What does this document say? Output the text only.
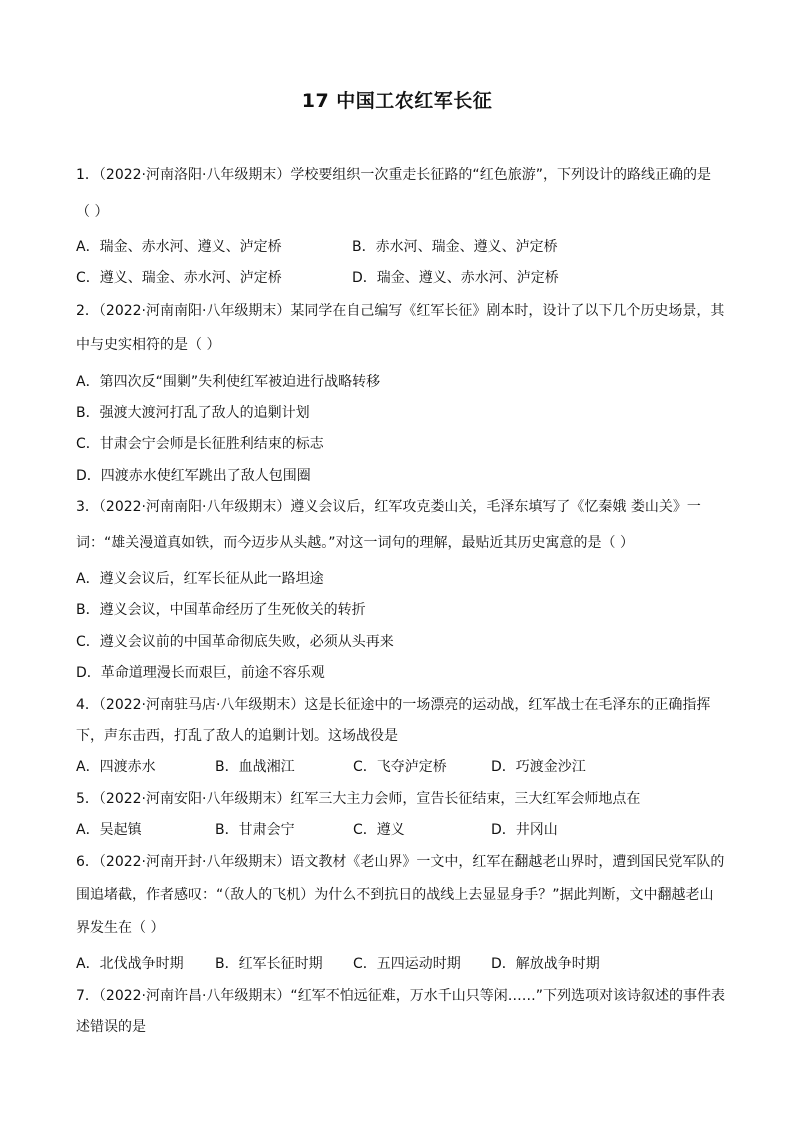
17 中国工农红军长征
1．（2022·河南洛阳·八年级期末）学校要组织一次重走长征路的“红色旅游”，下列设计的路线正确的是
（ ）
A．瑞金、赤水河、遵义、泸定桥	B．赤水河、瑞金、遵义、泸定桥
C．遵义、瑞金、赤水河、泸定桥	D．瑞金、遵义、赤水河、泸定桥
2．（2022·河南南阳·八年级期末）某同学在自己编写《红军长征》剧本时，设计了以下几个历史场景，其
中与史实相符的是（ ）
A．第四次反“围剿”失利使红军被迫进行战略转移
B．强渡大渡河打乱了敌人的追剿计划
C．甘肃会宁会师是长征胜利结束的标志
D．四渡赤水使红军跳出了敌人包围圈
3．（2022·河南南阳·八年级期末）遵义会议后，红军攻克娄山关，毛泽东填写了《忆秦娥 娄山关》一
词：“雄关漫道真如铁，而今迈步从头越。”对这一词句的理解，最贴近其历史寓意的是（ ）
A．遵义会议后，红军长征从此一路坦途
B．遵义会议，中国革命经历了生死攸关的转折
C．遵义会议前的中国革命彻底失败，必须从头再来
D．革命道理漫长而艰巨，前途不容乐观
4．（2022·河南驻马店·八年级期末）这是长征途中的一场漂亮的运动战，红军战士在毛泽东的正确指挥
下，声东击西，打乱了敌人的追剿计划。这场战役是
A．四渡赤水	B．血战湘江	C．飞夺泸定桥	D．巧渡金沙江
5．（2022·河南安阳·八年级期末）红军三大主力会师，宣告长征结束，三大红军会师地点在
A．吴起镇	B．甘肃会宁	C．遵义	D．井冈山
6．（2022·河南开封·八年级期末）语文教材《老山界》一文中，红军在翻越老山界时，遭到国民党军队的
围追堵截，作者感叹：“（敌人的飞机）为什么不到抗日的战线上去显显身手？”据此判断，文中翻越老山
界发生在（ ）
A．北伐战争时期 B．红军长征时期 C．五四运动时期 D．解放战争时期
7．（2022·河南许昌·八年级期末）“红军不怕远征难，万水千山只等闲……”下列选项对该诗叙述的事件表
述错误的是
